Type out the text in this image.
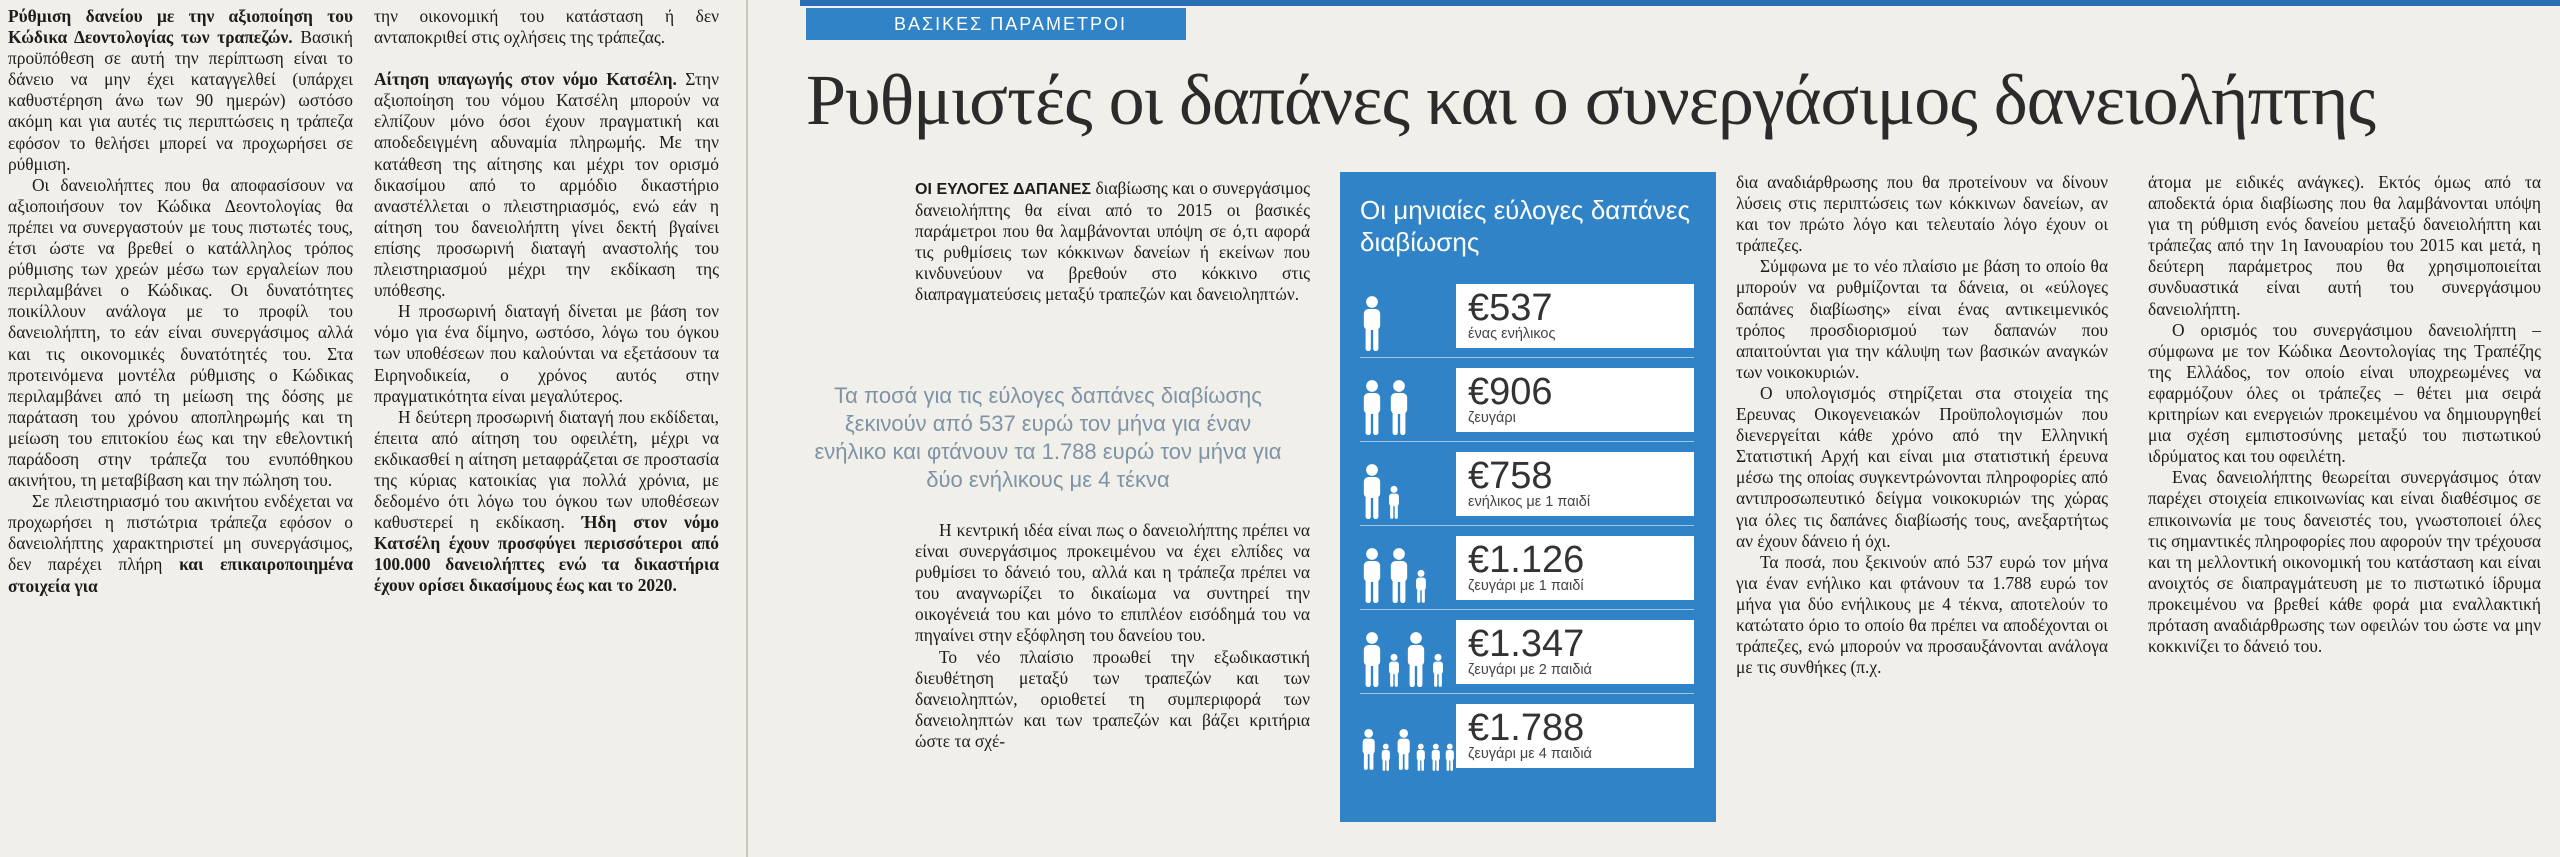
Ρύθμιση δανείου με την αξιοποίηση του Κώδικα Δεοντολογίας των τραπεζών. Βασική προϋπόθεση σε αυτή την περίπτωση είναι το δάνειο να μην έχει καταγγελθεί (υπάρχει καθυστέρηση άνω των 90 ημερών) ωστόσο ακόμη και για αυτές τις περιπτώσεις η τράπεζα εφόσον το θελήσει μπορεί να προχωρήσει σε ρύθμιση.

Οι δανειολήπτες που θα αποφασίσουν να αξιοποιήσουν τον Κώδικα Δεοντολογίας θα πρέπει να συνεργαστούν με τους πιστωτές τους, έτσι ώστε να βρεθεί ο κατάλληλος τρόπος ρύθμισης των χρεών μέσω των εργαλείων που περιλαμβάνει ο Κώδικας. Οι δυνατότητες ποικίλλουν ανάλογα με το προφίλ του δανειολήπτη, το εάν είναι συνεργάσιμος αλλά και τις οικονομικές δυνατότητές του. Στα προτεινόμενα μοντέλα ρύθμισης ο Κώδικας περιλαμβάνει από τη μείωση της δόσης με παράταση του χρόνου αποπληρωμής και τη μείωση του επιτοκίου έως και την εθελοντική παράδοση στην τράπεζα του ενυπόθηκου ακινήτου, τη μεταβίβαση και την πώληση του.

Σε πλειστηριασμό του ακινήτου ενδέχεται να προχωρήσει η πιστώτρια τράπεζα εφόσον ο δανειολήπτης χαρακτηριστεί μη συνεργάσιμος, δεν παρέχει πλήρη και επικαιροποιημένα στοιχεία για

την οικονομική του κατάσταση ή δεν ανταποκριθεί στις οχλήσεις της τράπεζας.

Αίτηση υπαγωγής στον νόμο Κατσέλη. Στην αξιοποίηση του νόμου Κατσέλη μπορούν να ελπίζουν μόνο όσοι έχουν πραγματική και αποδεδειγμένη αδυναμία πληρωμής. Με την κατάθεση της αίτησης και μέχρι τον ορισμό δικασίμου από το αρμόδιο δικαστήριο αναστέλλεται ο πλειστηριασμός, ενώ εάν η αίτηση του δανειολήπτη γίνει δεκτή βγαίνει επίσης προσωρινή διαταγή αναστολής του πλειστηριασμού μέχρι την εκδίκαση της υπόθεσης.

Η προσωρινή διαταγή δίνεται με βάση τον νόμο για ένα δίμηνο, ωστόσο, λόγω του όγκου των υποθέσεων που καλούνται να εξετάσουν τα Ειρηνοδικεία, ο χρόνος αυτός στην πραγματικότητα είναι μεγαλύτερος.

Η δεύτερη προσωρινή διαταγή που εκδίδεται, έπειτα από αίτηση του οφειλέτη, μέχρι να εκδικασθεί η αίτηση μεταφράζεται σε προστασία της κύριας κατοικίας για πολλά χρόνια, με δεδομένο ότι λόγω του όγκου των υποθέσεων καθυστερεί η εκδίκαση. Ήδη στον νόμο Κατσέλη έχουν προσφύγει περισσότεροι από 100.000 δανειολήπτες ενώ τα δικαστήρια έχουν ορίσει δικασίμους έως και το 2020.

ΒΑΣΙΚΕΣ ΠΑΡΑΜΕΤΡΟΙ
Ρυθμιστές οι δαπάνες και ο συνεργάσιμος δανειολήπτης

ΟΙ ΕΥΛΟΓΕΣ ΔΑΠΑΝΕΣ διαβίωσης και ο συνεργάσιμος δανειολήπτης θα είναι από το 2015 οι βασικές παράμετροι που θα λαμβάνονται υπόψη σε ό,τι αφορά τις ρυθμίσεις των κόκκινων δανείων ή εκείνων που κινδυνεύουν να βρεθούν στο κόκκινο στις διαπραγματεύσεις μεταξύ τραπεζών και δανειοληπτών.

Τα ποσά για τις εύλογες δαπάνες διαβίωσης ξεκινούν από 537 ευρώ τον μήνα για έναν ενήλικο και φτάνουν τα 1.788 ευρώ τον μήνα για δύο ενήλικους με 4 τέκνα

Η κεντρική ιδέα είναι πως ο δανειολήπτης πρέπει να είναι συνεργάσιμος προκειμένου να έχει ελπίδες να ρυθμίσει το δάνειό του, αλλά και η τράπεζα πρέπει να του αναγνωρίζει το δικαίωμα να συντηρεί την οικογένειά του και μόνο το επιπλέον εισόδημά του να πηγαίνει στην εξόφληση του δανείου του.

Το νέο πλαίσιο προωθεί την εξωδικαστική διευθέτηση μεταξύ των τραπεζών και των δανειοληπτών, οριοθετεί τη συμπεριφορά των δανειοληπτών και των τραπεζών και βάζει κριτήρια ώστε τα σχέ-

Οι μηνιαίες εύλογες δαπάνες διαβίωσης
€537
ένας ενήλικος
€906
ζευγάρι
€758
ενήλικος με 1 παιδί
€1.126
ζευγάρι με 1 παιδί
€1.347
ζευγάρι με 2 παιδιά
€1.788
ζευγάρι με 4 παιδιά

δια αναδιάρθρωσης που θα προτείνουν να δίνουν λύσεις στις περιπτώσεις των κόκκινων δανείων, αν και τον πρώτο λόγο και τελευταίο λόγο έχουν οι τράπεζες.

Σύμφωνα με το νέο πλαίσιο με βάση το οποίο θα μπορούν να ρυθμίζονται τα δάνεια, οι «εύλογες δαπάνες διαβίωσης» είναι ένας αντικειμενικός τρόπος προσδιορισμού των δαπανών που απαιτούνται για την κάλυψη των βασικών αναγκών των νοικοκυριών.

Ο υπολογισμός στηρίζεται στα στοιχεία της Ερευνας Οικογενειακών Προϋπολογισμών που διενεργείται κάθε χρόνο από την Ελληνική Στατιστική Αρχή και είναι μια στατιστική έρευνα μέσω της οποίας συγκεντρώνονται πληροφορίες από αντιπροσωπευτικό δείγμα νοικοκυριών της χώρας για όλες τις δαπάνες διαβίωσής τους, ανεξαρτήτως αν έχουν δάνειο ή όχι.

Τα ποσά, που ξεκινούν από 537 ευρώ τον μήνα για έναν ενήλικο και φτάνουν τα 1.788 ευρώ τον μήνα για δύο ενήλικους με 4 τέκνα, αποτελούν το κατώτατο όριο το οποίο θα πρέπει να αποδέχονται οι τράπεζες, ενώ μπορούν να προσαυξάνονται ανάλογα με τις συνθήκες (π.χ.

άτομα με ειδικές ανάγκες). Εκτός όμως από τα αποδεκτά όρια διαβίωσης που θα λαμβάνονται υπόψη για τη ρύθμιση ενός δανείου μεταξύ δανειολήπτη και τράπεζας από την 1η Ιανουαρίου του 2015 και μετά, η δεύτερη παράμετρος που θα χρησιμοποιείται συνδυαστικά είναι αυτή του συνεργάσιμου δανειολήπτη.

Ο ορισμός του συνεργάσιμου δανειολήπτη – σύμφωνα με τον Κώδικα Δεοντολογίας της Τραπέζης της Ελλάδος, τον οποίο είναι υποχρεωμένες να εφαρμόζουν όλες οι τράπεζες – θέτει μια σειρά κριτηρίων και ενεργειών προκειμένου να δημιουργηθεί μια σχέση εμπιστοσύνης μεταξύ του πιστωτικού ιδρύματος και του οφειλέτη.

Ενας δανειολήπτης θεωρείται συνεργάσιμος όταν παρέχει στοιχεία επικοινωνίας και είναι διαθέσιμος σε επικοινωνία με τους δανειστές του, γνωστοποιεί όλες τις σημαντικές πληροφορίες που αφορούν την τρέχουσα και τη μελλοντική οικονομική του κατάσταση και είναι ανοιχτός σε διαπραγμάτευση με το πιστωτικό ίδρυμα προκειμένου να βρεθεί κάθε φορά μια εναλλακτική πρόταση αναδιάρθρωσης των οφειλών του ώστε να μην κοκκινίζει το δάνειό του.
